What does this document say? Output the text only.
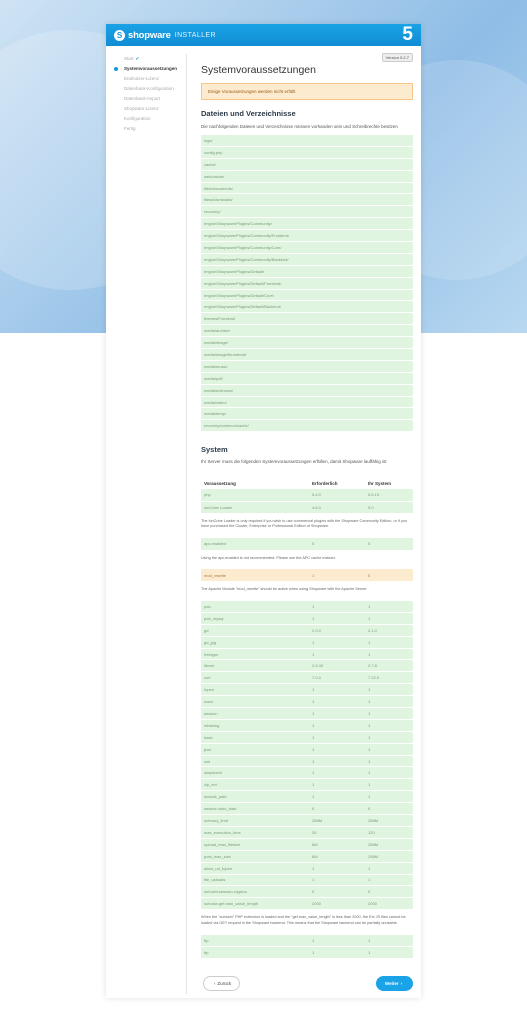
S shopware INSTALLER	5
Version 5.2.7
Start ✔
Systemvoraussetzungen
Endnutzer-Lizenz
Datenbank-Konfiguration
Datenbank-Import
Shopware-Lizenz
Konfiguration
Fertig
Systemvoraussetzungen
Einige Voraussetzungen werden nicht erfüllt
Dateien und Verzeichnisse

Die nachfolgenden Dateien und Verzeichnisse müssen vorhanden sein und Schreibrechte besitzen

logs/
config.php
cache/
web/cache/
files/documents/
files/downloads/
recovery/
engine/Shopware/Plugins/Community/
engine/Shopware/Plugins/Community/Frontend/
engine/Shopware/Plugins/Community/Core/
engine/Shopware/Plugins/Community/Backend/
engine/Shopware/Plugins/Default/
engine/Shopware/Plugins/Default/Frontend/
engine/Shopware/Plugins/Default/Core/
engine/Shopware/Plugins/Default/Backend/
themes/Frontend/
media/archive/
media/image/
media/image/thumbnail/
media/music/
media/pdf/
media/unknown/
media/video/
media/temp/
recovery/common/cache/
System

Ihr Server muss die folgenden Systemvoraussetzungen erfüllen, damit Shopware lauffähig ist

Voraussetzung	Erforderlich	Ihr System
php	5.4.0	5.6.19
ionCube Loader	4.6.0	5.0
The ionCube Loader is only required if you wish to use commercial plugins with the Shopware Community Edition, or if you have purchased the Cluster, Enterprise or Professional Edition of Shopware.
apc.enabled	0	0
Using the apc.enabled is not recommended. Please use the APC cache instead.
mod_rewrite	1	0
The Apache Module "mod_rewrite" should be active when using Shopware with the Apache Server.
pdo	1	1
pdo_mysql	1	1
gd	2.0.0	2.1.0
gd_jpg	1	1
freetype	1	1
libxml	2.6.30	2.7.8
curl	7.0.0	7.22.0
fopen	1	1
iconv	1	1
session	1	1
mbstring	1	1
hash	1	1
json	1	1
xml	1	1
simplexml	1	1
zip_ext	1	1
include_path	1	1
session.auto_start	0	0
memory_limit	256M	256M
max_execution_time	30	120
upload_max_filesize	6M	256M
post_max_size	6M	256M
allow_url_fopen	1	1
file_uploads	1	1
suhosin.session.cryptua	0	0
suhosin.get.max_value_length	2000	2000
When the "suhosin" PHP extension is loaded and the "get.max_value_length" is less than 2000, the Ext JS files cannot be loaded via GET request in the Shopware backend. This means that the Shopware backend can be partially unusable.
ftp	1	1
ftp	1	1
‹ Zurück	Weiter ›
